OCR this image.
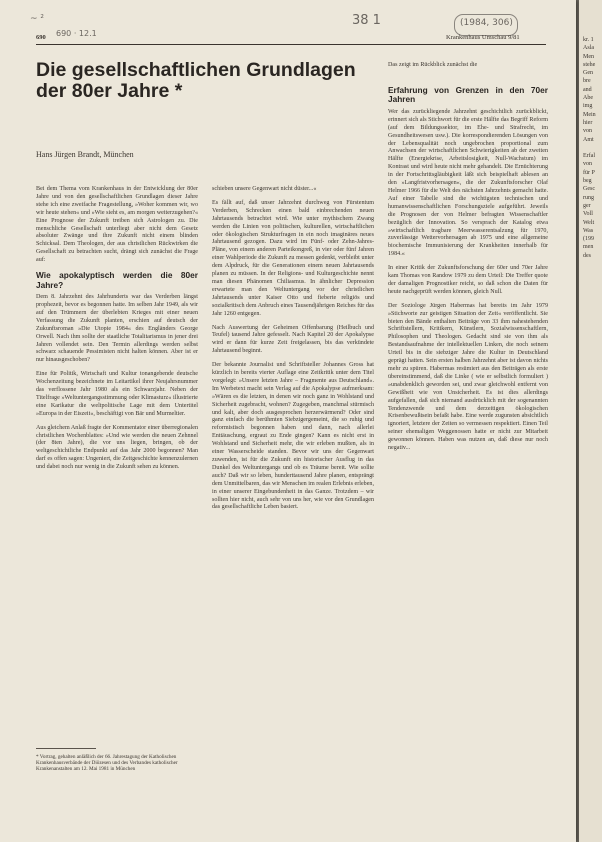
~ ²
690 · 12.1
38 1	(1984, 306)
690	Krankenhaus Umschau 9/81
Die gesellschaftlichen Grundlagen der 80er Jahre *
Hans Jürgen Brandt, München

Bei dem Thema vom Krankenhaus in der Entwicklung der 80er Jahre und von den gesellschaftlichen Grundlagen dieser Jahre stehe ich eine zweifache Fragestellung, »Woher kommen wir, wo wir heute stehen« und »Wie sieht es, am morgen weiterzugehen?« Eine Prognose der Zukunft treiben sich Astrologen zu. Die menschliche Gesellschaft unterliegt aber nicht dem Gesetz absoluter Zwänge und ihre Zukunft nicht einem blinden Schicksal. Dem Theologen, der aus christlichen Rückwirken die Gesellschaft zu betrachten sucht, drängt sich zunächst die Frage auf:

Wie apokalyptisch werden die 80er Jahre?

Dem 8. Jahrzehnt des Jahrhunderts war das Verderben längst prophezeit, bevor es begonnen hatte. Im selben Jahr 1949, als wir auf den Trümmern der überlebten Krieges mit einer neuen Verfassung die Zukunft planten, erschien auf deutsch der Zukunftsroman »Die Utopie 1984« des Engländers George Orwell. Nach ihm sollte der staatliche Totalitarismus in jener drei Jahren vollendet sein. Den Termin allerdings werden selbst schwarz schauende Pessimisten nicht halten können. Aber ist er nur hinausgeschoben?

Eine für Politik, Wirtschaft und Kultur tonangebende deutsche Wochenzeitung bezeichnete im Leitartikel ihrer Neujahrsnummer das verflossene Jahr 1980 als ein Schwarzjahr. Neben der Titelfrage »Weltuntergangsstimmung oder Klimasturz« illustrierte eine Karikatur die weltpolitische Lage mit dem Untertitel »Europa in der Eiszeit«, beschäftigt von Bär und Murmeltier.

Aus gleichem Anlaß fragte der Kommentator einer überregionalen christlichen Wochenblattes: »Und wie werden die neuen Zehnnel (der 8ten Jahre), die vor uns liegen, bringen, ob der weltgeschichtliche Endpunkt auf das Jahr 2000 begonnen? Man darf es offen sagen: Ungeniert, die Zeitgeschichte kennenzulernen und dabei noch nur wenig in die Zukunft sehen zu können.

* Vortrag, gehalten anläßlich der 66. Jahrestagung der Katholischen Krankenhausverbände der Diözesen und des Verbandes katholischer Krankenanstalten am 12. Mai 1981 in München

schieben unsere Gegenwart nicht düster...«

Es fällt auf, daß unser Jahrzehnt durchweg von Fürstentum Verderben, Schrecken einen bald einbrechenden neuen Jahrtausends betrachtet wird. Wie unter mythischem Zwang werden die Linien von politischen, kulturellen, wirtschaftlichen oder ökologischen Strukturfragen in ein noch imaginäres neues Jahrtausend gezogen. Dazu wird im Fünf- oder Zehn-Jahres-Pläne, von einem anderen Parteikongreß, in vier oder fünf Jahren einer Wahlperiode die Zukunft zu messen gedenkt, verbleibt unter dem Alpdruck, für die Generationen einem neuen Jahrtausends planen zu müssen. In der Religions- und Kulturgeschichte nennt man diesen Phänomen Chiliasmus. In ähnlicher Depression erwartete man den Weltuntergang vor der christlichen Jahrtausends unter Kaiser Otto und fieberte religiös und sozialkritisch dem Anbruch eines Tausendjährigen Reiches für das Jahr 1260 entgegen.

Nach Auswertung der Geheimen Offenbarung (Heilbuch und Teufel) tausend Jahre gefesselt. Nach Kapitel 20 der Apokalypse wird er dann für kurze Zeit freigelassen, bis das verkündete Jahrtausend beginnt.

Der bekannte Journalist und Schriftsteller Johannes Gross hat kürzlich in bereits vierter Auflage eine Zeitkritik unter dem Titel vorgelegt: »Unsere letzten Jahre – Fragmente aus Deutschland«. Im Werbetext macht sein Verlag auf die Apokalypse aufmerksam: »Wären es die letzten, in denen wir noch ganz in Wohlstand und Sicherheit zugebracht, wohnen? Zugegeben, manchmal stürmisch und kalt, aber doch ausgesprochen herzerwärmend? Oder sind ganz einfach die berühmten Siebzigergemeint, die so ruhig und reformistisch begonnen haben und dann, nach allerlei Enttäuschung, ergraut zu Ende gingen? Kann es nicht erst in Wohlstand und Sicherheit mehr, die wir erleben mußten, als in einer Wasserscheide standen. Bevor wir uns der Gegenwart zuwenden, ist für die Zukunft ein historischer Ausflug in das Dunkel des Weltuntergangs und ob es Träume bereit. Wie sollte auch? Daß wir so leben, hunderttausend Jahre planen, entsprängt dem Unmittelbaren, das wir Menschen im realen Erlebnis erleben, in einer unserer Eingebundenheit in das Ganze. Trotzdem – wir sollten hier nicht, auch sehr von uns her, wie vor den Grundlagen das gesellschaftliche Leben basiert.

Das zeigt im Rückblick zunächst die

Erfahrung von Grenzen in den 70er Jahren

Wer das zurückliegende Jahrzehnt geschichtlich zurückblickt, erinnert sich als Stichwort für die erste Hälfte das Begriff Reform (auf dem Bildungssektor, im Ehe- und Strafrecht, im Gesundheitswesen usw.). Die korrespondierenden Lösungen von der Lebensqualität noch ungebrochen proportional zum Anwachsen der wirtschaftlichen Schwierigkeiten ab der zweiten Hälfte (Energiekrise, Arbeitslosigkeit, Null-Wachstum) im Kontrast und wird heute nicht mehr gehandelt. Die Ernüchterung in der Fortschrittsgläubigkeit läßt sich beispielhaft ablesen an den »Langfristvorhersagen«, die der Zukunftsforscher Olaf Helmer 1966 für die Welt des nächsten Jahrzehnts gemacht hatte. Auf einer Tabelle sind die wichtigsten technischen und humanwissenschaftlichen Forschungsziele aufgeführt. Jeweils die Prognosen der von Helmer befragten Wissenschaftler bezüglich der Innovation. So versprach der Katalog etwa »wirtschaftlich tragbare Meerwasserentsalzung für 1970, zuverlässige Wettervorhersagen ab 1975 und eine allgemeine biochemische Immunisierung der Krankheiten innerhalb für 1984.«

In einer Kritik der Zukunftsforschung der 60er und 70er Jahre kam Thomas von Randow 1979 zu dem Urteil: Die Treffer quote der damaligen Prognostiker reicht, so daß schon die Daten für heute nachgeprüft werden können, gleich Null.

Der Soziologe Jürgen Habermas hat bereits im Jahr 1979 »Stichworte zur geistigen Situation der Zeit« veröffentlicht. Sie bieten den Bände enthalten Beiträge von 33 ihm nahestehenden Schriftstellern, Kritikern, Künstlern, Sozialwissenschaftlern, Philosophen und Theologen. Gedacht sind sie von ihm als Bestandsaufnahme der intellektuellen Linken, die noch seinem Urteil bis in die siebziger Jahre die Kultur in Deutschland geprägt hatten. Sein ersten halben Jahrzehnt aber ist davon nichts mehr zu spüren. Habermas resümiert aus den Beiträgen als erste übereinstimmend, daß die Linke ( wie er selbstlich formuliert ) »unabdenklich geworden sei, und zwar gleichwohl entfernt von Gewißheit wie von Unsicherheit. Es ist dies allerdings aufgefallen, daß sich niemand ausdrücklich mit der sogenannten Tendenzwende und dem derzeitigen ökologischen Krisenbewußtsein befaßt habe. Eine werde zugunsten absichtlich ignoriert, letztere der Zeiten so vermessen respektiert. Einen Teil seiner ehemaligen Weggenossen hatte er nicht zur Mitarbeit gewonnen können. Haben was nutzen an, daß diese nur noch negativ...

kr. 1
Asla
Men
stehe
Gen
bre
and
Abe
img
Mein
hier
von
Amt

Erfal
von
für P
beg
Gesc
rung
ger
Voll
Welt
Was
(199
men
des
